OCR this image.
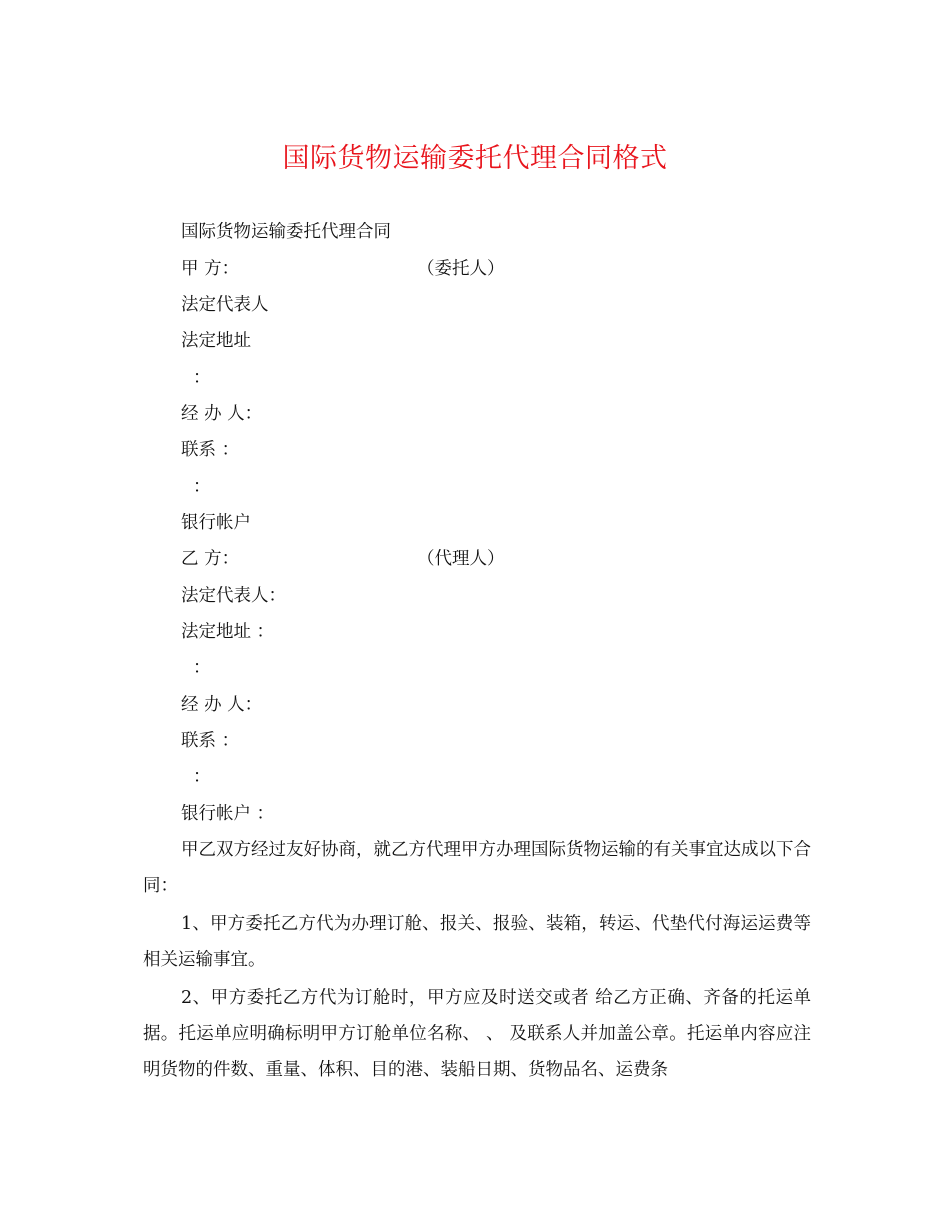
国际货物运输委托代理合同格式
国际货物运输委托代理合同
甲 方：	（委托人）
法定代表人
法定地址
：
经 办 人：
联系 ：
：
银行帐户
乙 方：	（代理人）
法定代表人：
法定地址 ：
：
经 办 人：
联系 ：
：
银行帐户 ：
甲乙双方经过友好协商，就乙方代理甲方办理国际货物运输的有关事宜达成以下合同：
1、甲方委托乙方代为办理订舱、报关、报验、装箱，转运、代垫代付海运运费等相关运输事宜。
2、甲方委托乙方代为订舱时，甲方应及时送交或者 给乙方正确、齐备的托运单据。托运单应明确标明甲方订舱单位名称、 、 及联系人并加盖公章。托运单内容应注明货物的件数、重量、体积、目的港、装船日期、货物品名、运费条
